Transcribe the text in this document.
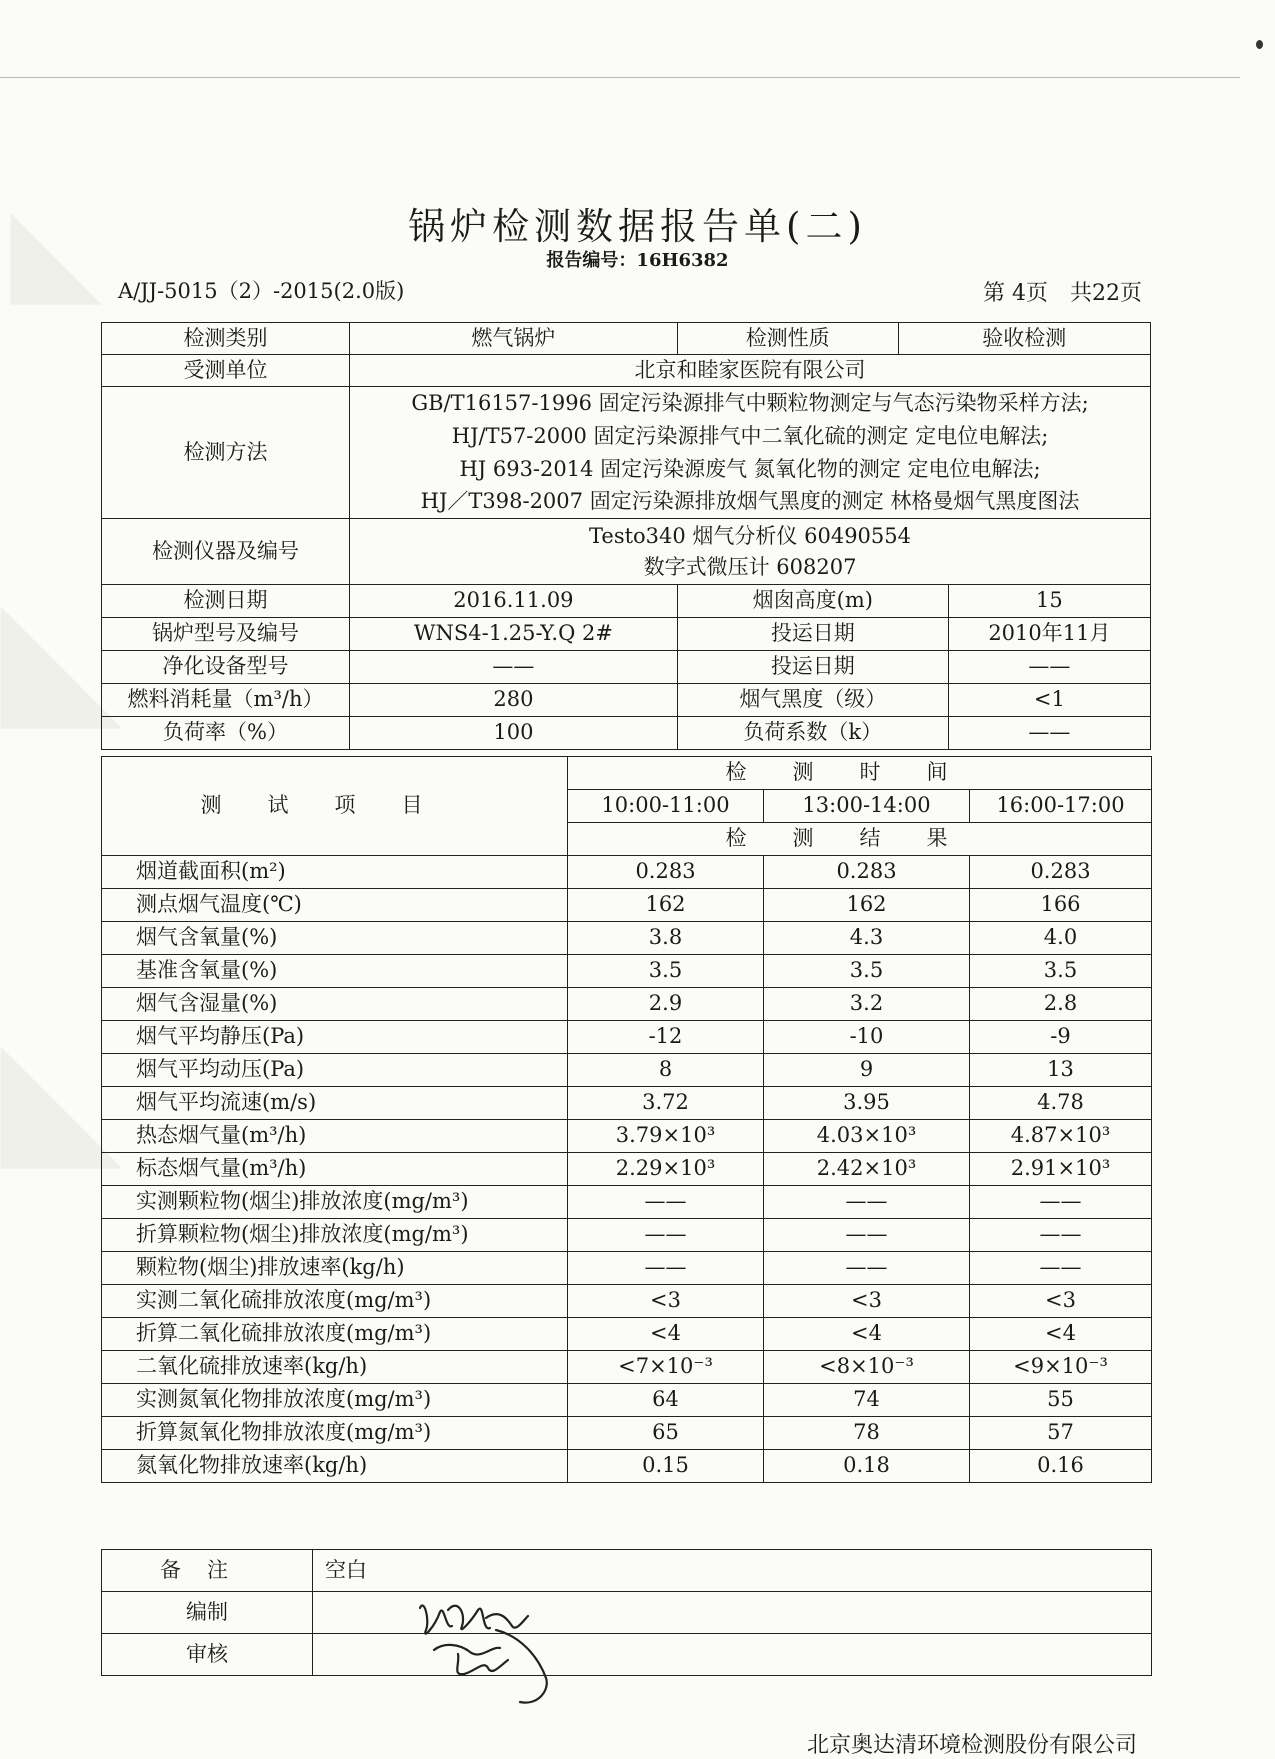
◣
◣
◣
锅炉检测数据报告单(二)
报告编号：16H6382
A/JJ-5015（2）-2015(2.0版)	第 4页　共22页
检测类别	燃气锅炉	检测性质	验收检测	
受测单位	北京和睦家医院有限公司			
检测方法	GB/T16157-1996 固定污染源排气中颗粒物测定与气态污染物采样方法;
HJ/T57-2000 固定污染源排气中二氧化硫的测定 定电位电解法;
HJ 693-2014 固定污染源废气 氮氧化物的测定 定电位电解法;
HJ／T398-2007 固定污染源排放烟气黑度的测定 林格曼烟气黑度图法			

检测仪器及编号	Testo340 烟气分析仪 60490554
数字式微压计 608207			

检测日期	2016.11.09	烟囱高度(m)		15
锅炉型号及编号	WNS4-1.25-Y.Q 2#	投运日期		2010年11月
净化设备型号	——	投运日期		——
燃料消耗量（m³/h）	280	烟气黑度（级）		<1
负荷率（%）	100	负荷系数（k）		——
测试项目	检测时间		
	10:00-11:00	13:00-14:00	16:00-17:00
	检测结果		
烟道截面积(m²)	0.283	0.283	0.283
测点烟气温度(℃)	162	162	166
烟气含氧量(%)	3.8	4.3	4.0
基准含氧量(%)	3.5	3.5	3.5
烟气含湿量(%)	2.9	3.2	2.8
烟气平均静压(Pa)	-12	-10	-9
烟气平均动压(Pa)	8	9	13
烟气平均流速(m/s)	3.72	3.95	4.78
热态烟气量(m³/h)	3.79×10³	4.03×10³	4.87×10³
标态烟气量(m³/h)	2.29×10³	2.42×10³	2.91×10³
实测颗粒物(烟尘)排放浓度(mg/m³)	——	——	——
折算颗粒物(烟尘)排放浓度(mg/m³)	——	——	——
颗粒物(烟尘)排放速率(kg/h)	——	——	——
实测二氧化硫排放浓度(mg/m³)	<3	<3	<3
折算二氧化硫排放浓度(mg/m³)	<4	<4	<4
二氧化硫排放速率(kg/h)	<7×10⁻³	<8×10⁻³	<9×10⁻³
实测氮氧化物排放浓度(mg/m³)	64	74	55
折算氮氧化物排放浓度(mg/m³)	65	78	57
氮氧化物排放速率(kg/h)	0.15	0.18	0.16
备注	空白
编制	
审核	
北京奥达清环境检测股份有限公司
